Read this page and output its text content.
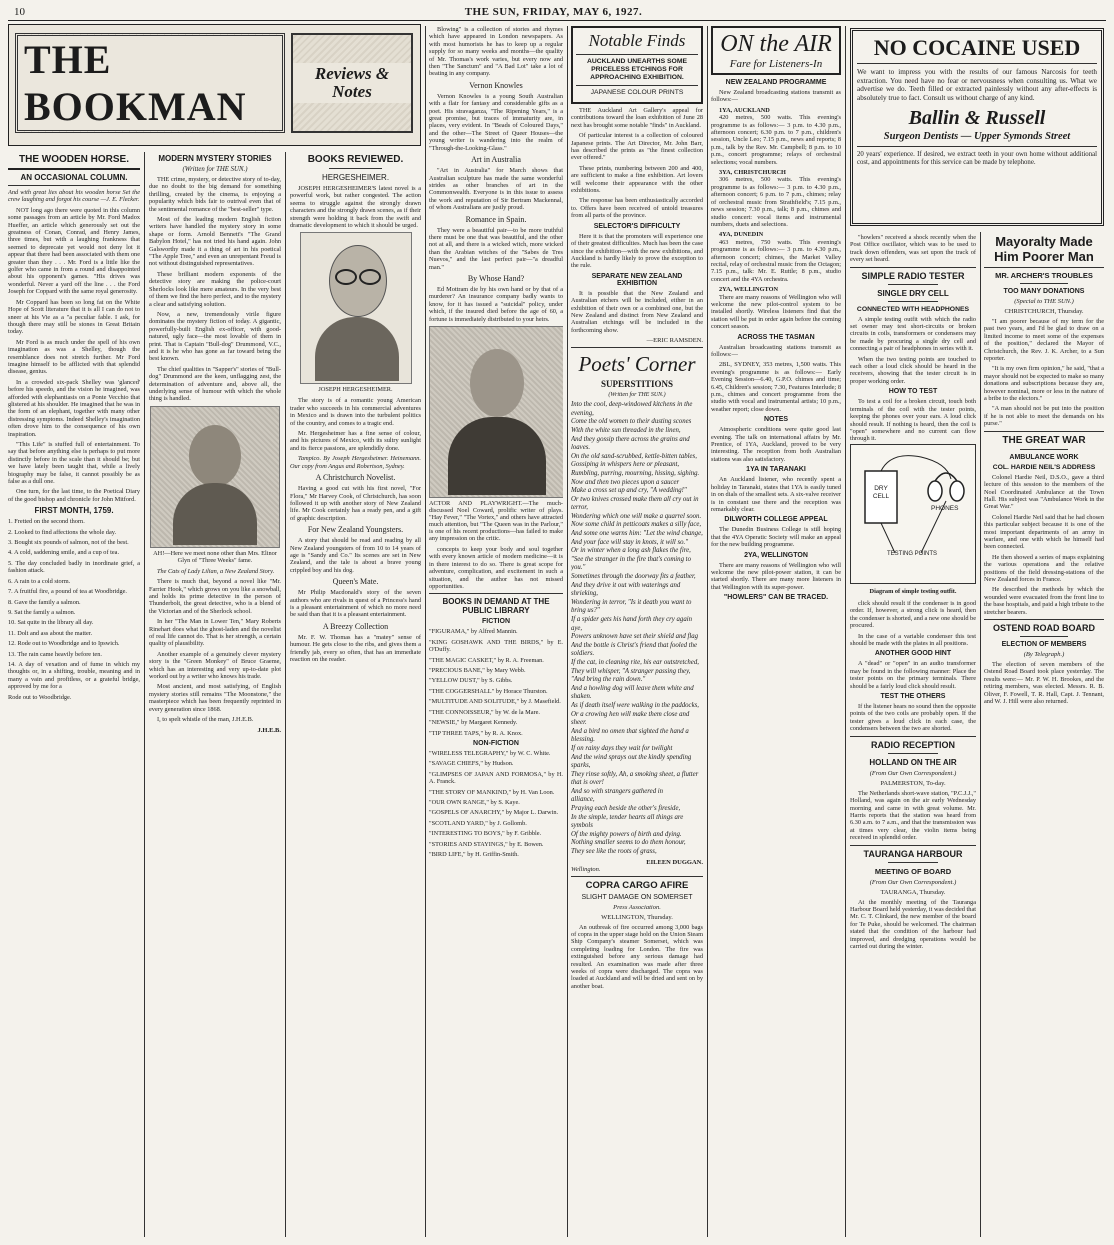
10	THE SUN, FRIDAY, MAY 6, 1927.
THE BOOKMAN
Reviews & Notes
THE WOODEN HORSE.
AN OCCASIONAL COLUMN.

And with great lies about his wooden horse Set the crew laughing and forgot his course —J. E. Flecker.

NOT long ago there were quoted in this column some passages from an article by Mr. Ford Madox Hueffer, an article which generously set out the greatness of Conan, Conrad, and Henry James, three times, but with a laughing frankness that seemed to deprecate yet would not deny lot it appear that there had been associated with them one greater than they . . . Mr. Ford is a little like the golfer who came in from a round and disappointed about his opponent's games. "His drives was wonderful. Never a yard off the line . . . the Ford Joseph for Coppard with the same royal generosity.

Mr Coppard has been so long fat on the White Hope of Scott literature that it is all I can do not to sneer at his Vie as a "a peculiar fable. I ask, for though there may still be stones in Great Britain today.

Mr Ford is as much under the spell of his own imagination as was a Shelley, though the resemblance does not stretch further. Mr Ford imagine himself to be afflicted with that splendid disease, genius.

In a crowded six-pack Shelley was 'glanced' before his speedo, and the vision he imagined, was afforded with elephantiasis on a Ponte Vecchio that glistered at his shoulder. He imagined that he was in the form of an elephant, together with many other distressing symptoms. Indeed Shelley's imagination often drove him to the consequence of his own inspiration.

"This Life" is stuffed full of entertainment. To say that before anything else is perhaps to put more distinctly before in the scale than it should be; but we have lately been taught that, while a lively biography may be false, it cannot possibly be as false as a dull one.

One turn, for the last time, to the Poetical Diary of the good bishop and chronicle for John Mitford.

FIRST MONTH, 1759.

1. Fretted on the second thorn.

2. Looked to find affections the whole day.

3. Bought six pounds of salmon, not of the best.

4. A cold, saddening smile, and a cup of tea.

5. The day concluded badly in inordinate grief, a fashion attack.

6. A rain to a cold storm.

7. A fruitful fire, a pound of tea at Woodbridge.

8. Gave the family a salmon.

9. Sat the family a salmon.

10. Sat quite in the library all day.

11. Dolt and ass about the matter.

12. Rode out to Woodbridge and to Ipswich.

13. The rain came heavily before ten.

14. A day of vexation and of fume in which my thoughts or, in a shifting, trouble, meaning and in many a vain and profitless, or a grateful bridge, approved by me for a

Rode out to Woodbridge.

MODERN MYSTERY STORIES
(Written for THE SUN.)

THE crime, mystery, or detective story of to-day, due no doubt to the big demand for something thrilling, created by the cinema, is enjoying a popularity which bids fair to outrival even that of the sentimental romance of the "best-seller" type.

Most of the leading modern English fiction writers have handled the mystery story in some shape or form. Arnold Bennett's "The Grand Babylon Hotel," has not tried his hand again. John Galsworthy made it a thing of art in his poetical "The Apple Tree," and even an unrepentant Freud is not without distinguished representatives.

These brilliant modern exponents of the detective story are making the police-court Sherlocks look like mere amateurs. In the very best of them we find the hero perfect, and to the mystery a clear and satisfying solution.

Now, a new, tremendously virile figure dominates the mystery fiction of today. A gigantic, powerfully-built English ex-officer, with good-natured, ugly face—the most lovable of them in print. That is Captain "Bull-dog" Drummond, V.C., and it is he who has gone as far toward being the best known.

The chief qualities in "Sapper's" stories of "Bull-dog" Drummond are the keen, unflagging zest, the determination of adventure and, above all, the underlying sense of humour with which the whole thing is handled.

AH!—Here we meet none other than Mrs. Elinor Glyn of "Three Weeks" fame.

The Cats of Lady Lilian, a New Zealand Story.

There is much that, beyond a novel like "Mr. Farrier Hook," which grows on you like a snowball, and holds its prime detective in the person of Thunderbolt, the great detective, who is a blend of the Victorian and of the Sherlock school.

In her "The Man in Lower Ten," Mary Roberts Rinehart does what the ghost-laden and the novelist of real life cannot do. That is her strength, a certain quality of plausibility.

Another example of a genuinely clever mystery story is the "Green Monkey" of Bruce Graeme, which has an interesting and very up-to-date plot worked out by a writer who knows his trade.

Most ancient, and most satisfying, of English mystery stories still remains "The Moonstone," the masterpiece which has been frequently reprinted in every generation since 1868.

I, to spelt whistle of the man, J.H.E.B.

J.H.E.B.
BOOKS REVIEWED.
HERGESHEIMER.

JOSEPH HERGESHEIMER'S latest novel is a powerful work, but rather congested. The action seems to struggle against the strongly drawn characters and the strongly drawn scenes, as if their strength were holding it back from the swift and dramatic development to which it should be urged.

JOSEPH HERGESHEIMER.

The story is of a romantic young American trader who succeeds in his commercial adventures in Mexico and is drawn into the turbulent politics of the country, and comes to a tragic end.

Mr. Hergesheimer has a fine sense of colour, and his pictures of Mexico, with its sultry sunlight and its fierce passions, are splendidly done.

Tampico. By Joseph Hergesheimer. Heinemann. Our copy from Angus and Robertson, Sydney.

A Christchurch Novelist.

Having a good cut with his first novel, "For Flora," Mr Harvey Cook, of Christchurch, has soon followed it up with another story of New Zealand life. Mr Cook certainly has a ready pen, and a gift of graphic description.

For New Zealand Youngsters.

A story that should be read and reading by all New Zealand youngsters of from 10 to 14 years of age is "Sandy and Co." Its scenes are set in New Zealand, and the tale is about a brave young crippled boy and his dog.

Queen's Mate.

Mr Philip Macdonald's story of the seven authors who are rivals in quest of a Princess's hand is a pleasant entertainment of which no more need be said than that it is a pleasant entertainment.

A Breezy Collection

Mr. F. W. Thomas has a "matey" sense of humour. He gets close to the ribs, and gives them a friendly jab, every so often, that has an immediate reaction on the reader.

Blowing" is a collection of stories and rhymes which have appeared in London newspapers. As with most humorists he has to keep up a regular supply for so many weeks and months—the quality of Mr. Thomas's work varies, but every now and then "The Sanctum" and "A Bad Lot" take a lot of beating in any company.

Vernon Knowles

Vernon Knowles is a young South Australian with a flair for fantasy and considerable gifts as a poet. His stravaganza, "The Ripening Years," is a great promise, but traces of immaturity are, in places, very evident. In "Beads of Coloured Days," and the other—The Street of Queer Houses—the young writer is wandering into the realm of "Through-the-Looking-Glass."

Art in Australia

"Art in Australia" for March shows that Australian sculpture has made the same wonderful strides as other branches of art in the Commonwealth. Everyone is in this issue to assess the work and reputation of Sir Bertram Mackennal, of whom Australians are justly proud.

Romance in Spain.

They were a beautiful pair—to be more truthful there must be one that was beautiful, and the other not at all, and there is a wicked witch, more wicked than the Arabian witches of the "Sabes de Tres Nuevos," and the last perfect pair—"a dreadful man."

By Whose Hand?

Ed Mottram die by his own hand or by that of a murderer? An insurance company badly wants to know, for it has issued a "suicidal" policy, under which, if the insured died before the age of 60, a fortune is immediately distributed to your heirs.

ACTOR AND PLAYWRIGHT.—The much-discussed Noel Coward, prolific writer of plays. "Hay Fever," "The Vortex," and others have attracted much attention, but "The Queen was in the Parlour," is one of his recent productions—has failed to make any impression on the critic.

concepts to keep your body and soul together with every known article of modern medicine—it is in there interest to do so. There is great scope for adventure, complication, and excitement in such a situation, and the author has not missed opportunities.

BOOKS IN DEMAND AT THE PUBLIC LIBRARY
FICTION

"FIGURAMA," by Alfred Mannin.

"KING GOSHAWK AND THE BIRDS," by E. O'Duffy.

"THE MAGIC CASKET," by R. A. Freeman.

"PRECIOUS BANE," by Mary Webb.

"YELLOW DUST," by S. Gibbs.

"THE COGGERSHALL" by Horace Thurston.

"MULTITUDE AND SOLITUDE," by J. Masefield.

"THE CONNOISSEUR," by W. de la Mare.

"NEWSIE," by Margaret Kennedy.

"TIP THREE TAPS," by R. A. Knox.

NON-FICTION

"WIRELESS TELEGRAPHY," by W. C. White.

"SAVAGE CHIEFS," by Hudson.

"GLIMPSES OF JAPAN AND FORMOSA," by H. A. Franck.

"THE STORY OF MANKIND," by H. Van Loon.

"OUR OWN RANGE," by S. Kaye.

"GOSPELS OF ANARCHY," by Major L. Darwin.

"SCOTLAND YARD," by J. Gollomb.

"INTERESTING TO BOYS," by F. Gribble.

"STORIES AND STAYINGS," by E. Bowen.

"BIRD LIFE," by H. Griffin-Smith.

Notable Finds
AUCKLAND UNEARTHS SOME PRICELESS ETCHINGS FOR APPROACHING EXHIBITION.
JAPANESE COLOUR PRINTS

THE Auckland Art Gallery's appeal for contributions toward the loan exhibition of June 28 next has brought some notable "finds" in Auckland.

Of particular interest is a collection of coloured Japanese prints. The Art Director, Mr. John Barr, has described the prints as "the finest collection ever offered."

These prints, numbering between 200 and 400, are sufficient to make a fine exhibition. Art lovers will welcome their appearance with the other exhibitions.

The response has been enthusiastically accorded to. Offers have been received of untold treasures from all parts of the province.

SELECTOR'S DIFFICULTY

Here it is that the promoters will experience one of their greatest difficulties. Much has been the case since the exhibition—with the new exhibitions, and Auckland is hardly likely to prove the exception to the rule.

SEPARATE NEW ZEALAND EXHIBITION

It is possible that the New Zealand and Australian etchers will be included, either in an exhibition of their own or a combined one, but the New Zealand and distinct from New Zealand and Australian etchings will be included in the forthcoming show.

—ERIC RAMSDEN.
Poets' Corner
SUPERSTITIONS
(Written for THE SUN.)
Into the cool, deep-windowed kitchens in the evening,
Come the old women to their dusting scones
With the white sun threaded in the linen,
And they gossip there across the grains and loaves.
On the old sand-scrubbed, kettle-bitten tables,
Gossiping in whispers here or pleasant,
Rumbling, purring, mourning, hissing, sighing.
Now and then two pieces upon a saucer
Make a cross set up and cry, "A wedding!"
Or two knives crossed make them all cry out in terror,
Wondering which one will make a quarrel soon.
Now some child in petticoats makes a silly face,
And some one warns him: "Let the wind change,
And your face will stay in knots, it will so."
Or in winter when a long ash flakes the fire,
"See the stranger in the fire that's coming to you."
Sometimes through the doorway fits a feather,
And they drive it out with waterings and shrieking,
Wondering in terror, "Is it death you want to bring us?"
If a spider gets his hand forth they cry again aye,
Powers unknown have set their shield and flag
And the bottle is Christ's friend that fooled the soldiers.
If the cat, in cleaning rite, his ear outstretched,
They will whisper, "A stranger passing they,
"And bring the rain down."
And a howling dog will leave them white and shaken.
As if death itself were walking in the paddocks,
Or a crowing hen will make them close and sheer.
And a bird no omen that sighted the hand a blessing.
If on rainy days they wait for twilight
And the wind sprays out the kindly spending sparks,
They rinse softly, Ah, a smoking sheet, a flutter that is over!
And so with strangers gathered in
alliance,
Praying each beside the other's fireside,
In the simple, tender hearts all things are symbols
Of the mighty powers of birth and dying.
Nothing smaller seems to do them honour,
They see like the roots of grass,
EILEEN DUGGAN.
Wellington.
COPRA CARGO AFIRE
SLIGHT DAMAGE ON SOMERSET
Press Association.
WELLINGTON, Thursday.

An outbreak of fire occurred among 3,000 bags of copra in the upper stage hold on the Union Steam Ship Company's steamer Somerset, which was completing loading for London. The fire was extinguished before any serious damage had resulted. An examination was made after three weeks of copra were discharged. The copra was loaded at Auckland and will be dried and sent on by another boat.

ON the AIR
Fare for Listeners-In
NEW ZEALAND PROGRAMME

New Zealand broadcasting stations transmit as follows:—

1YA, AUCKLAND

420 metres, 500 watts. This evening's programme is as follows:— 3 p.m. to 4.30 p.m., afternoon concert; 6.30 p.m. to 7 p.m., children's session, Uncle Leo; 7.15 p.m., news and reports; 8 p.m., talk by the Rev. Mr. Campbell; 8 p.m. to 10 p.m., concert programme; relays of orchestral selections; vocal numbers.

3YA, CHRISTCHURCH

306 metres, 500 watts. This evening's programme is as follows:— 3 p.m. to 4.30 p.m., afternoon concert; 6 p.m. to 7 p.m., chimes; relay of orchestral music from Strathfield's; 7.15 p.m., news session; 7.30 p.m., talk; 8 p.m., chimes and studio concert: vocal items and instrumental numbers, duets and selections.

4YA, DUNEDIN

463 metres, 750 watts. This evening's programme is as follows:— 3 p.m. to 4.30 p.m., afternoon concert; chimes, the Market Valley recital, relay of orchestral music from the Octagon; 7.15 p.m., talk: Mr. E. Ruttle; 8 p.m., studio concert and the 4YA orchestra.

2YA, WELLINGTON

There are many reasons of Wellington who will welcome the new pilot-control system to be installed shortly. Wireless listeners find that the station will be put in order again before the coming concert season.

ACROSS THE TASMAN

Australian broadcasting stations transmit as follows:—

2BL, SYDNEY, 353 metres, 1,500 watts. This evening's programme is as follows:— Early Evening Session—6.40, G.P.O. chimes and time; 6.45, Children's session; 7.30, Features Interlude; 8 p.m., chimes and concert programme from the studio with vocal and instrumental artists; 10 p.m., weather report; close down.

NOTES

Atmospheric conditions were quite good last evening. The talk on international affairs by Mr. Prentice, of 1YA, Auckland, proved to be very interesting. The reception from both Australian stations was also satisfactory.

1YA IN TARANAKI

An Auckland listener, who recently spent a holiday in Taranaki, states that 1YA is easily tuned in on dials of the smallest sets. A six-valve receiver is in constant use there and the reception was remarkably clear.

DILWORTH COLLEGE APPEAL

The Dunedin Business College is still hoping that the 4YA Operatic Society will make an appeal for the new building programme.

2YA, WELLINGTON

There are many reasons of Wellington who will welcome the new pilot-power station, it can be started shortly. There are many more listeners in that Wellington with its super-power.

"HOWLERS" CAN BE TRACED.
NO COCAINE USED

We want to impress you with the results of our famous Narcosis for teeth extraction. You need have no fear or nervousness when consulting us. What we advertise we do. Teeth filled or extracted painlessly without any after-effects is absolutely true to fact. Consult us without charge of any kind.

Ballin & Russell
Surgeon Dentists — Upper Symonds Street

20 years' experience. If desired, we extract teeth in your own home without additional cost, and appointments for this service can be made by telephone.

"howlers" received a shock recently when the Post Office oscillator, which was to be used to track down offenders, was set upon the track of every set heard.

SIMPLE RADIO TESTER
SINGLE DRY CELL
CONNECTED WITH HEADPHONES

A simple testing outfit with which the radio set owner may test short-circuits or broken circuits in coils, transformers or condensers may be made by procuring a single dry cell and connecting a pair of headphones in series with it.

When the two testing points are touched to each other a loud click should be heard in the receivers, showing that the tester circuit is in proper working order.

HOW TO TEST

To test a coil for a broken circuit, touch both terminals of the coil with the tester points, keeping the phones over your ears. A loud click should result. If nothing is heard, then the coil is "open" somewhere and no current can flow through it.

DRY CELL
PHONES
TESTING POINTS
Diagram of simple testing outfit.

click should result if the condenser is in good order. If, however, a strong click is heard, then the condenser is shorted, and a new one should be procured.

In the case of a variable condenser this test should be made with the plates in all positions.

ANOTHER GOOD HINT

A "dead" or "open" in an audio transformer may be found in the following manner: Place the tester points on the primary terminals. There should be a fairly loud click should result.

TEST THE OTHERS

If the listener hears no sound then the opposite points of the two coils are probably open. If the tester gives a loud click in each case, the condensers between the two are shorted.

RADIO RECEPTION
HOLLAND ON THE AIR
(From Our Own Correspondent.)
PALMERSTON, To-day.

The Netherlands short-wave station, "P.C.J.J.," Holland, was again on the air early Wednesday morning and came in with great volume. Mr. Harris reports that the station was heard from 6.30 a.m. to 7 a.m., and that the transmission was at times very clear, the violin items being received in splendid order.

TAURANGA HARBOUR
MEETING OF BOARD
(From Our Own Correspondent.)
TAURANGA, Thursday.

At the monthly meeting of the Tauranga Harbour Board held yesterday, it was decided that Mr. C. T. Clinkard, the new member of the board for Te Puke, should be welcomed. The chairman stated that the condition of the harbour had improved, and dredging operations would be carried out during the winter.

Mayoralty Made Him Poorer Man
MR. ARCHER'S TROUBLES
TOO MANY DONATIONS
(Special to THE SUN.)
CHRISTCHURCH, Thursday.

"I am poorer because of my term for the past two years, and I'd be glad to draw on a limited income to meet some of the expenses of the position," declared the Mayor of Christchurch, the Rev. J. K. Archer, to a Sun reporter.

"It is my own firm opinion," he said, "that a mayor should not be expected to make so many donations and subscriptions because they are, however nominal, more or less in the nature of a bribe to the electors."

"A man should not be put into the position if he is not able to meet the demands on his purse."

THE GREAT WAR
AMBULANCE WORK
COL. HARDIE NEIL'S ADDRESS

Colonel Hardie Neil, D.S.O., gave a third lecture of this session to the members of the Noel Coordinated Ambulance at the Town Hall. His subject was "Ambulance Work in the Great War."

Colonel Hardie Neil said that he had chosen this particular subject because it is one of the most important departments of an army in warfare, and one with which he himself had been connected.

He then showed a series of maps explaining the various operations and the relative positions of the field dressing-stations of the New Zealand forces in France.

He described the methods by which the wounded were evacuated from the front line to the base hospitals, and paid a high tribute to the stretcher bearers.

OSTEND ROAD BOARD
ELECTION OF MEMBERS
(By Telegraph.)

The election of seven members of the Ostend Road Board took place yesterday. The results were:— Mr. P. W. H. Brookes, and the retiring members, was elected. Messrs. R. B. Oliver, F. Fowell, T. R. Hall, Capt. J. Tennant, and W. J. Hill were also returned.
